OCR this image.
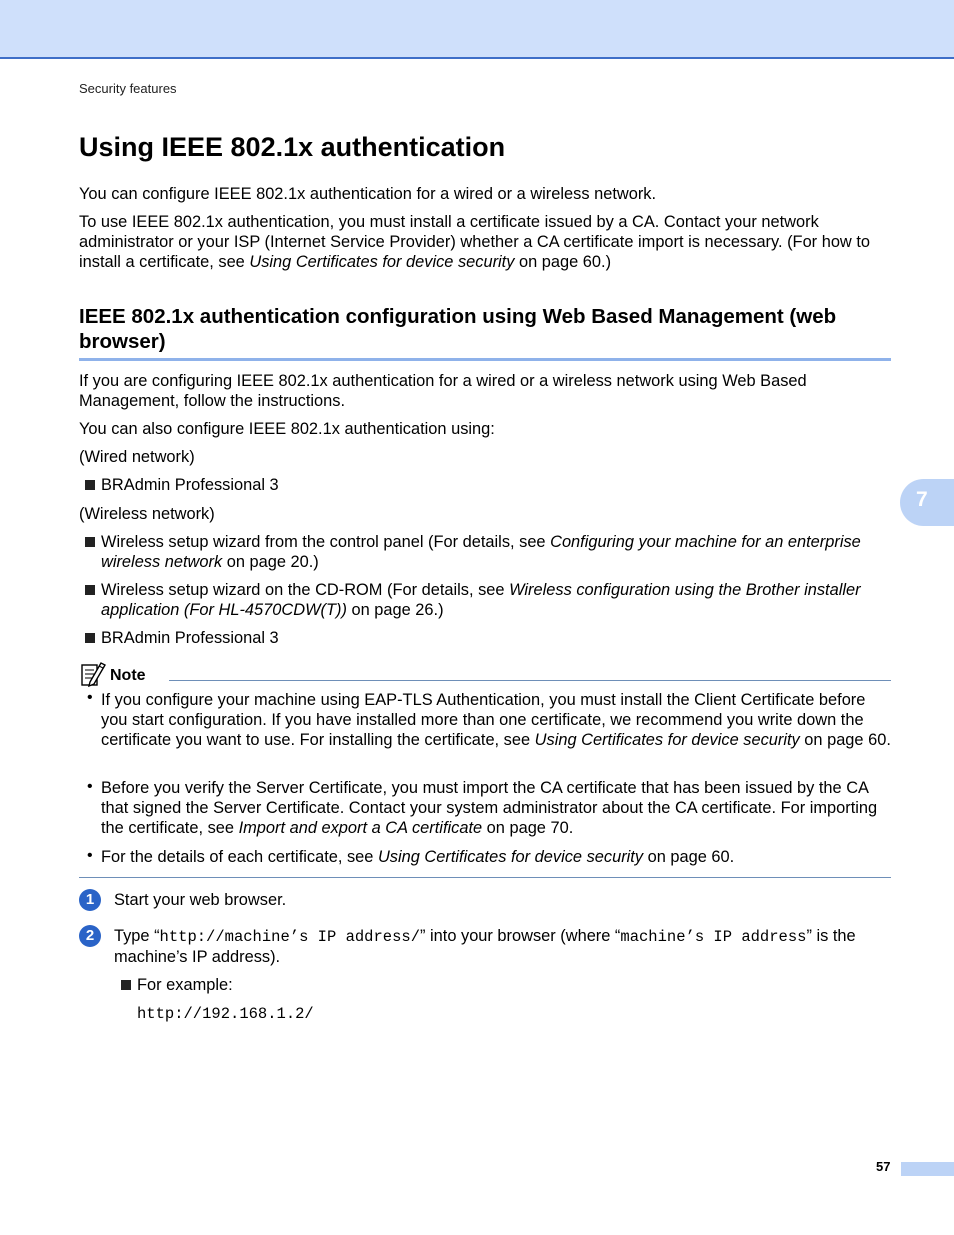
Security features
7
Using IEEE 802.1x authentication

You can configure IEEE 802.1x authentication for a wired or a wireless network.

To use IEEE 802.1x authentication, you must install a certificate issued by a CA. Contact your network administrator or your ISP (Internet Service Provider) whether a CA certificate import is necessary. (For how to install a certificate, see Using Certificates for device security on page 60.)

IEEE 802.1x authentication configuration using Web Based Management (web browser)

If you are configuring IEEE 802.1x authentication for a wired or a wireless network using Web Based Management, follow the instructions.

You can also configure IEEE 802.1x authentication using:

(Wired network)

BRAdmin Professional 3

(Wireless network)

Wireless setup wizard from the control panel (For details, see Configuring your machine for an enterprise wireless network on page 20.)
Wireless setup wizard on the CD-ROM (For details, see Wireless configuration using the Brother installer application (For HL-4570CDW(T)) on page 26.)
BRAdmin Professional 3
Note
• If you configure your machine using EAP-TLS Authentication, you must install the Client Certificate before you start configuration. If you have installed more than one certificate, we recommend you write down the certificate you want to use. For installing the certificate, see Using Certificates for device security on page 60.
• Before you verify the Server Certificate, you must import the CA certificate that has been issued by the CA that signed the Server Certificate. Contact your system administrator about the CA certificate. For importing the certificate, see Import and export a CA certificate on page 70.
• For the details of each certificate, see Using Certificates for device security on page 60.
1	Start your web browser.
2	Type “http://machine’s IP address/” into your browser (where “machine’s IP address” is the machine’s IP address).
For example:
http://192.168.1.2/
57
